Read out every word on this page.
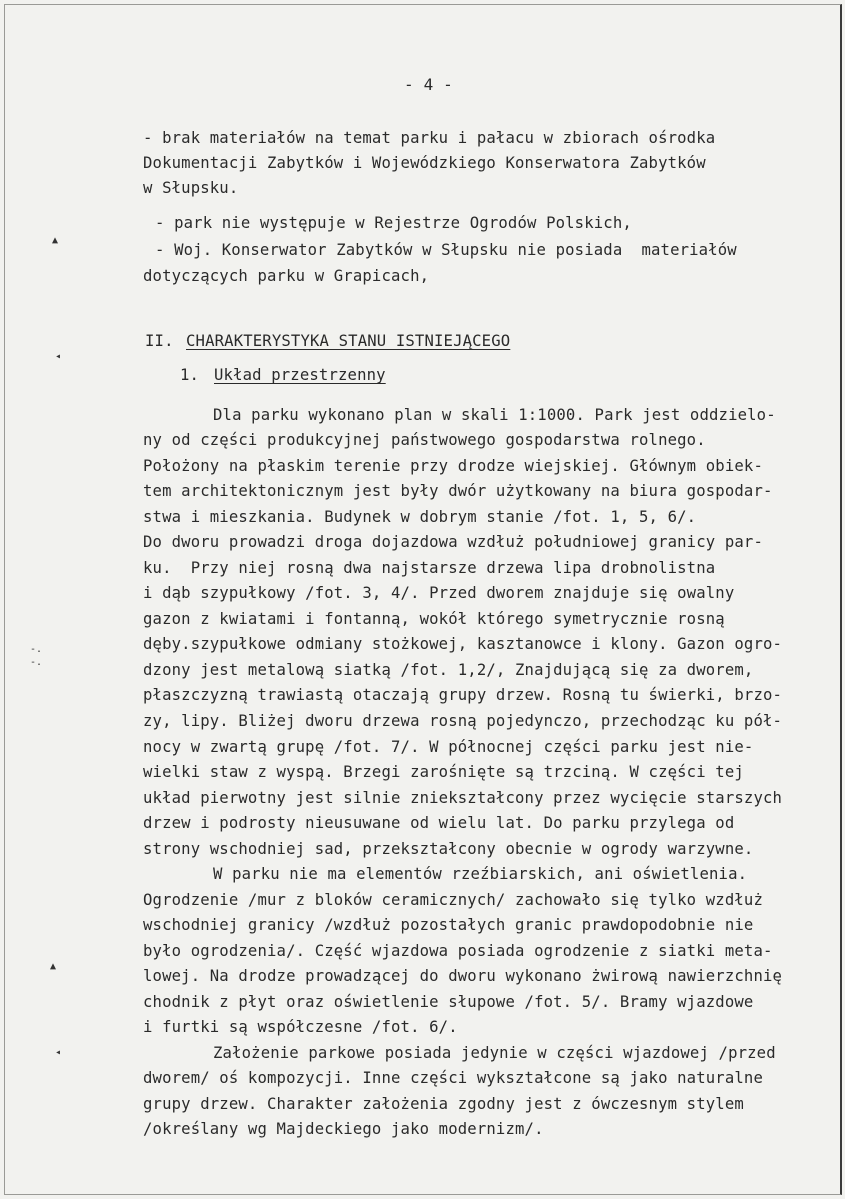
- 4 -
- brak materiałów na temat parku i pałacu w zbiorach ośrodka
Dokumentacji Zabytków i Wojewódzkiego Konserwatora Zabytków
w Słupsku.
- park nie występuje w Rejestrze Ogrodów Polskich,
- Woj. Konserwator Zabytków w Słupsku nie posiada  materiałów
dotyczących parku w Grapicach,
II. CHARAKTERYSTYKA STANU ISTNIEJĄCEGO
1. Układ przestrzenny
Dla parku wykonano plan w skali 1:1000. Park jest oddzielo-
ny od części produkcyjnej państwowego gospodarstwa rolnego.
Położony na płaskim terenie przy drodze wiejskiej. Głównym obiek-
tem architektonicznym jest były dwór użytkowany na biura gospodar-
stwa i mieszkania. Budynek w dobrym stanie /fot. 1, 5, 6/.
Do dworu prowadzi droga dojazdowa wzdłuż południowej granicy par-
ku.  Przy niej rosną dwa najstarsze drzewa lipa drobnolistna
i dąb szypułkowy /fot. 3, 4/. Przed dworem znajduje się owalny
gazon z kwiatami i fontanną, wokół którego symetrycznie rosną
dęby.szypułkowe odmiany stożkowej, kasztanowce i klony. Gazon ogro-
dzony jest metalową siatką /fot. 1,2/, Znajdującą się za dworem,
płaszczyzną trawiastą otaczają grupy drzew. Rosną tu świerki, brzo-
zy, lipy. Bliżej dworu drzewa rosną pojedynczo, przechodząc ku pół-
nocy w zwartą grupę /fot. 7/. W północnej części parku jest nie-
wielki staw z wyspą. Brzegi zarośnięte są trzciną. W części tej
układ pierwotny jest silnie zniekształcony przez wycięcie starszych
drzew i podrosty nieusuwane od wielu lat. Do parku przylega od
strony wschodniej sad, przekształcony obecnie w ogrody warzywne.
W parku nie ma elementów rzeźbiarskich, ani oświetlenia.
Ogrodzenie /mur z bloków ceramicznych/ zachowało się tylko wzdłuż
wschodniej granicy /wzdłuż pozostałych granic prawdopodobnie nie
było ogrodzenia/. Część wjazdowa posiada ogrodzenie z siatki meta-
lowej. Na drodze prowadzącej do dworu wykonano żwirową nawierzchnię
chodnik z płyt oraz oświetlenie słupowe /fot. 5/. Bramy wjazdowe
i furtki są współczesne /fot. 6/.
Założenie parkowe posiada jedynie w części wjazdowej /przed
dworem/ oś kompozycji. Inne części wykształcone są jako naturalne
grupy drzew. Charakter założenia zgodny jest z ówczesnym stylem
/określany wg Majdeckiego jako modernizm/.
▲
◂
‐.
‐.
▲
◂
